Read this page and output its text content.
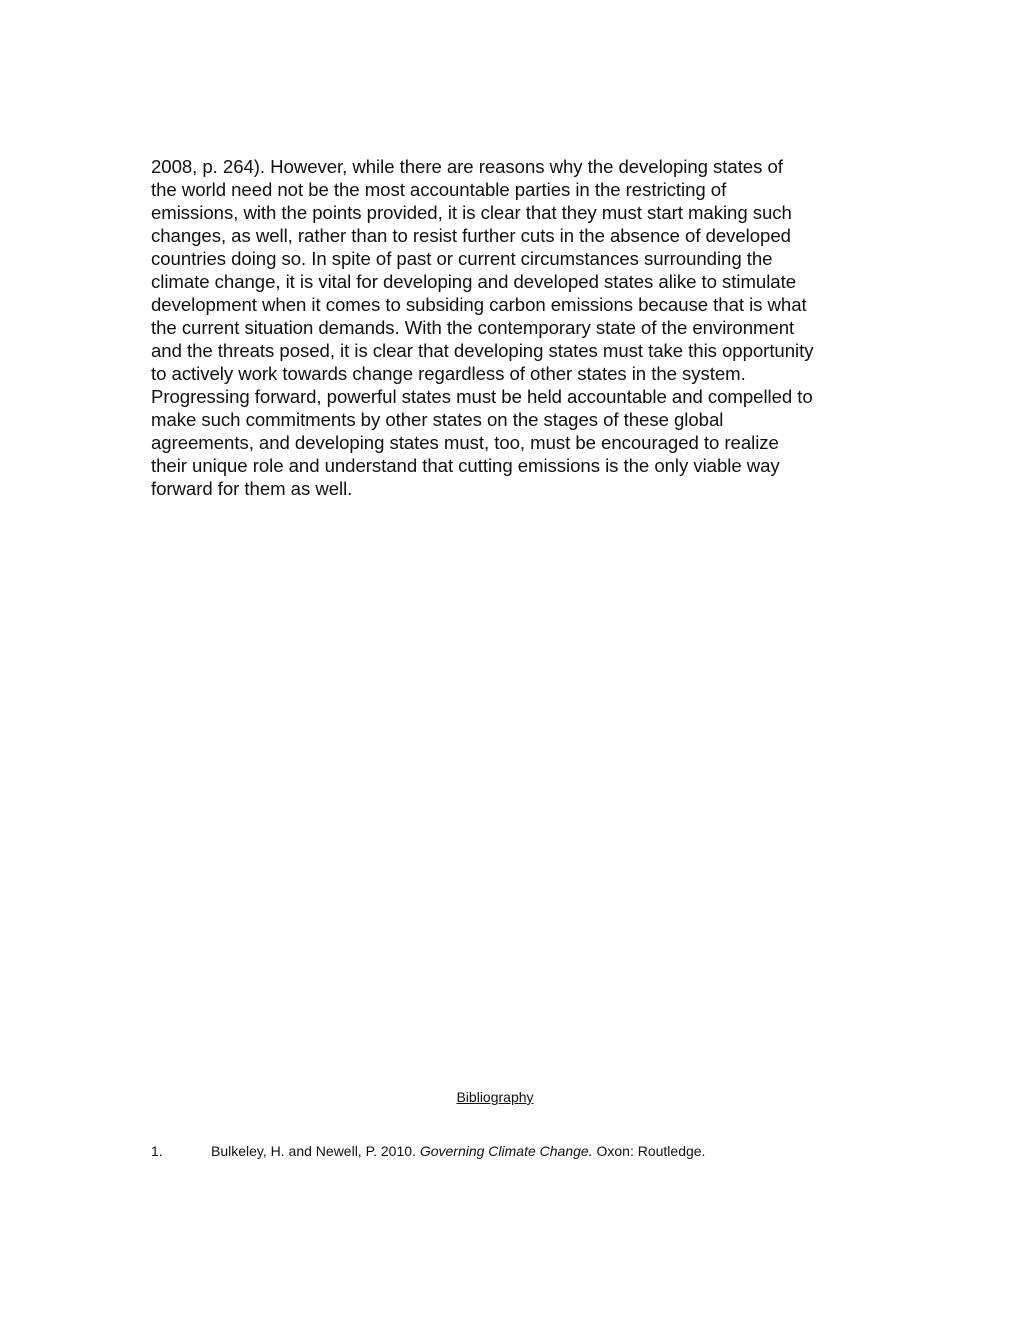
2008, p. 264). However, while there are reasons why the developing states of
the world need not be the most accountable parties in the restricting of
emissions, with the points provided, it is clear that they must start making such
changes, as well, rather than to resist further cuts in the absence of developed
countries doing so. In spite of past or current circumstances surrounding the
climate change, it is vital for developing and developed states alike to stimulate
development when it comes to subsiding carbon emissions because that is what
the current situation demands. With the contemporary state of the environment
and the threats posed, it is clear that developing states must take this opportunity
to actively work towards change regardless of other states in the system.
Progressing forward, powerful states must be held accountable and compelled to
make such commitments by other states on the stages of these global
agreements, and developing states must, too, must be encouraged to realize
their unique role and understand that cutting emissions is the only viable way
forward for them as well.

Bibliography

1.	Bulkeley, H. and Newell, P. 2010. Governing Climate Change. Oxon: Routledge.
